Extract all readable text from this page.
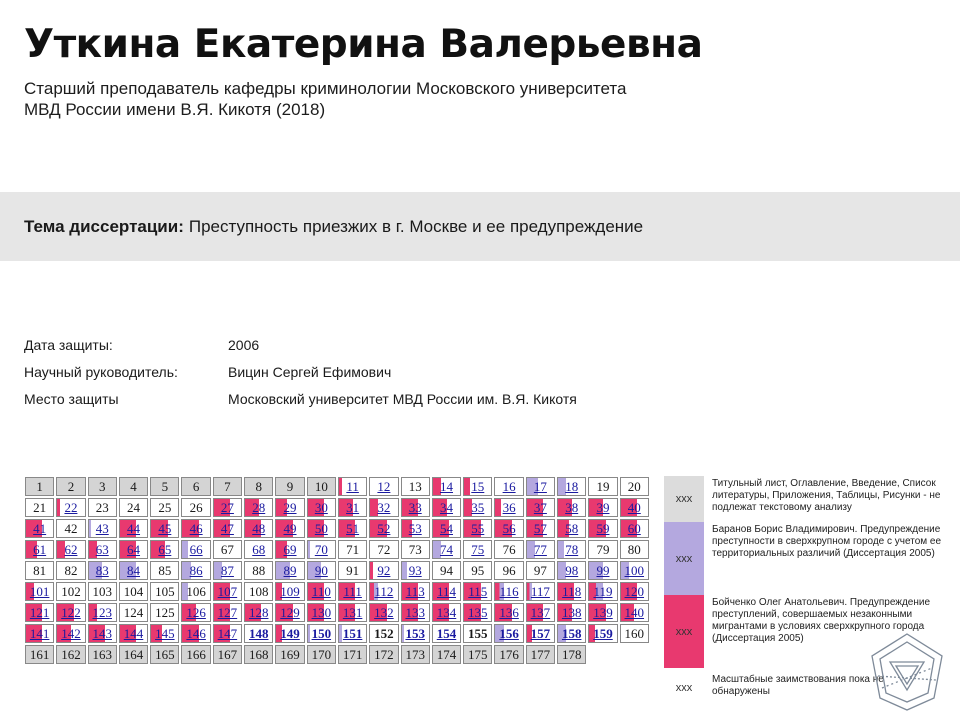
Уткина Екатерина Валерьевна
Старший преподаватель кафедры криминологии Московского университета
МВД России имени В.Я. Кикотя (2018)
Тема диссертации: Преступность приезжих в г. Москве и ее предупреждение
Дата защиты:	2006
Научный руководитель:	Вицин Сергей Ефимович
Место защиты	Московский университет МВД России им. В.Я. Кикотя
1 2 3 4 5 6 7 8 9 10 11 12 13 14 15 16 17 18 19 20
21 22 23 24 25 26 27 28 29 30 31 32 33 34 35 36 37 38 39 40
41 42 43 44 45 46 47 48 49 50 51 52 53 54 55 56 57 58 59 60
61 62 63 64 65 66 67 68 69 70 71 72 73 74 75 76 77 78 79 80
81 82 83 84 85 86 87 88 89 90 91 92 93 94 95 96 97 98 99 100
101 102 103 104 105 106 107 108 109 110 111 112 113 114 115 116 117 118 119 120
121 122 123 124 125 126 127 128 129 130 131 132 133 134 135 136 137 138 139 140
141 142 143 144 145 146 147 148 149 150 151 152 153 154 155 156 157 158 159 160
161 162 163 164 165 166 167 168 169 170 171 172 173 174 175 176 177 178
xxx
Титульный лист, Оглавление, Введение, Список литературы, Приложения, Таблицы, Рисунки - не подлежат текстовому анализу
xxx
Баранов Борис Владимирович. Предупреждение преступности в сверхкрупном городе с учетом ее территориальных различий (Диссертация 2005)
xxx
Бойченко Олег Анатольевич. Предупреждение преступлений, совершаемых незаконными мигрантами в условиях сверхкрупного города (Диссертация 2005)
xxx
Масштабные заимствования пока не обнаружены
